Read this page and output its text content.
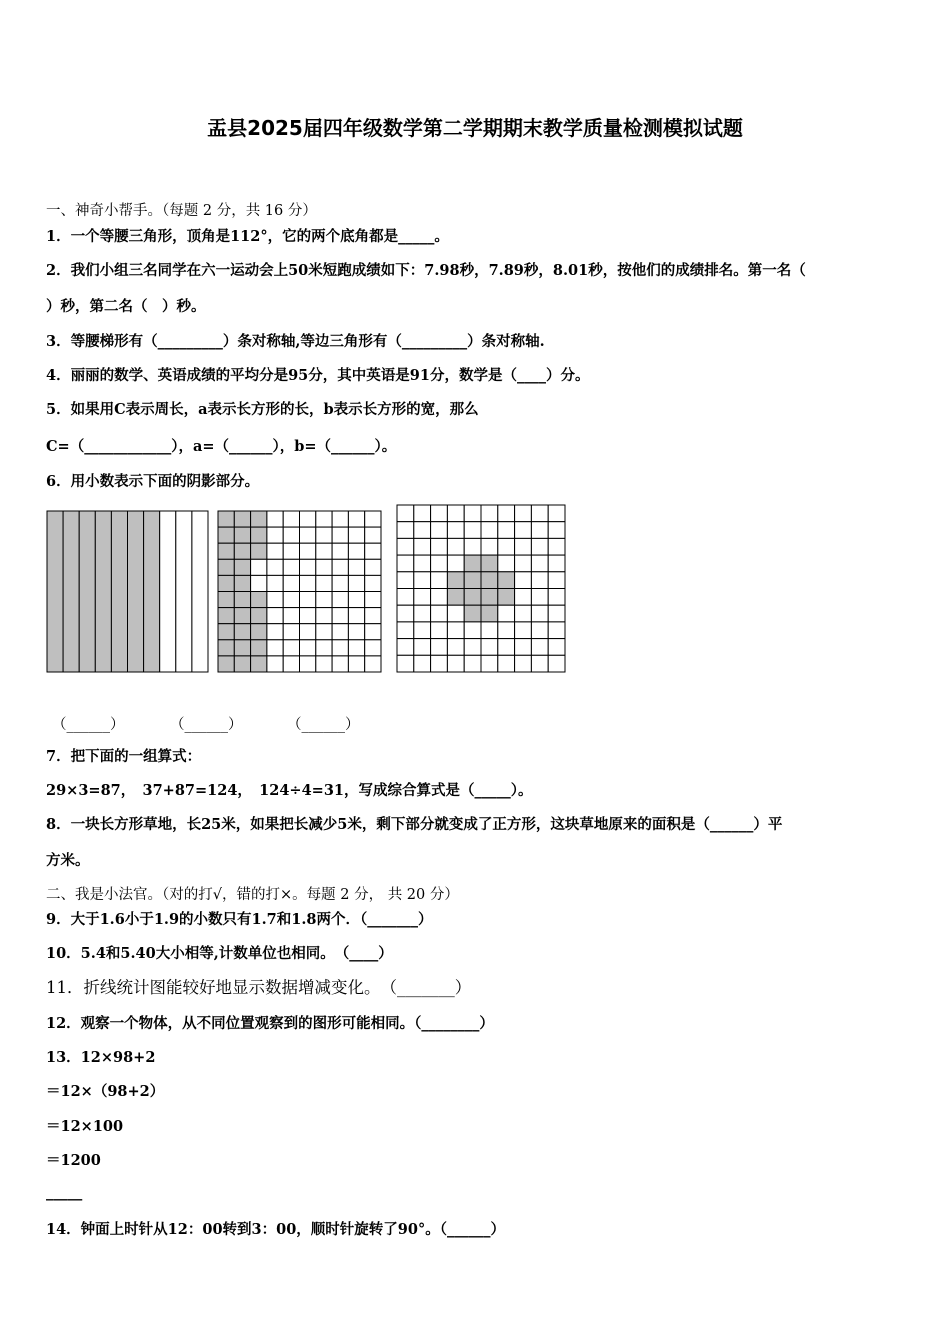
盂县2025届四年级数学第二学期期末教学质量检测模拟试题
一、神奇小帮手。（每题 2 分，共 16 分）
1．一个等腰三角形，顶角是112°，它的两个底角都是_____。
2．我们小组三名同学在六一运动会上50米短跑成绩如下：7.98秒，7.89秒，8.01秒，按他们的成绩排名。第一名（
）秒，第二名（　）秒。
3．等腰梯形有（_________）条对称轴,等边三角形有（_________）条对称轴.
4．丽丽的数学、英语成绩的平均分是95分，其中英语是91分，数学是（____）分。
5．如果用C表示周长，a表示长方形的长，b表示长方形的宽，那么
C=（____________），a=（______），b=（______）。
6．用小数表示下面的阴影部分。
（______）	（______）	（______）
7．把下面的一组算式：
29×3=87，　37+87=124，　124÷4=31，写成综合算式是（_____）。
8．一块长方形草地，长25米，如果把长减少5米，剩下部分就变成了正方形，这块草地原来的面积是（______）平
方米。
二、我是小法官。（对的打√，错的打×。每题 2 分， 共 20 分）
9．大于1.6小于1.9的小数只有1.7和1.8两个．（_______）
10．5.4和5.40大小相等,计数单位也相同。　（____）
11．折线统计图能较好地显示数据增减变化。　（_______）
12．观察一个物体，从不同位置观察到的图形可能相同。（________）
13．12×98+2
＝12×（98+2）
＝12×100
＝1200
_____
14．钟面上时针从12：00转到3：00，顺时针旋转了90°。（______）
